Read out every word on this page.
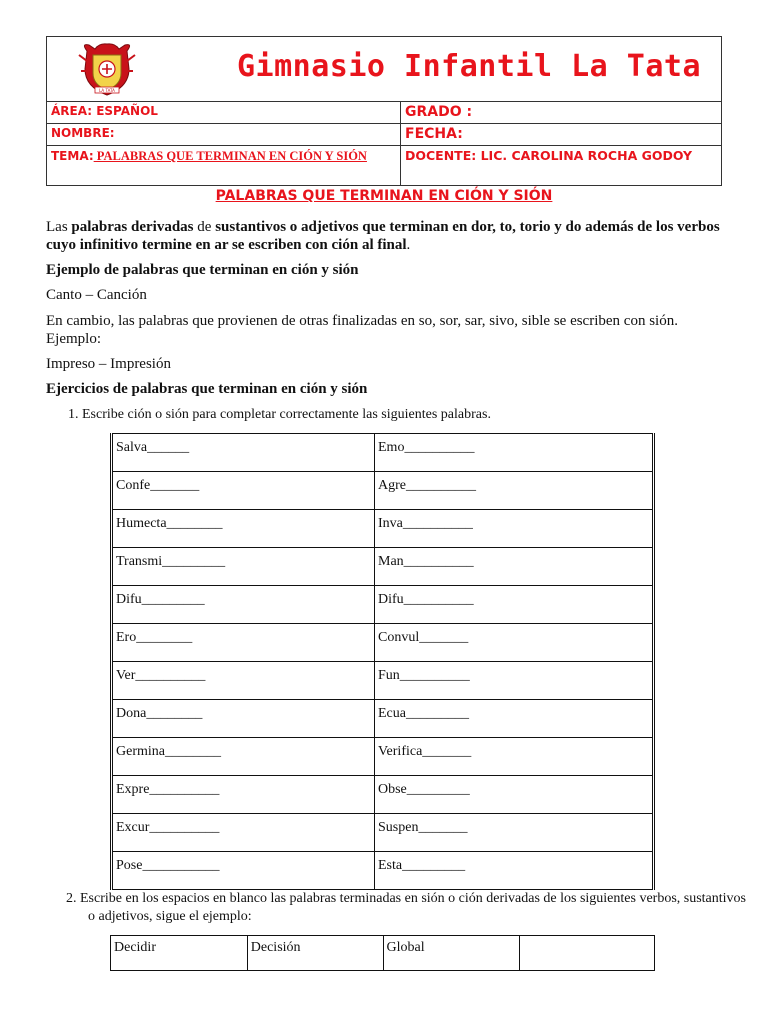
LA TATA
Gimnasio Infantil La Tata
ÁREA: ESPAÑOL	GRADO :
NOMBRE:	FECHA:
TEMA: PALABRAS QUE TERMINAN EN CIÓN Y SIÓN	DOCENTE: LIC. CAROLINA ROCHA GODOY
PALABRAS QUE TERMINAN EN CIÓN Y SIÓN
Las palabras derivadas de sustantivos o adjetivos que terminan en dor, to, torio y do además de los verbos cuyo infinitivo termine en ar se escriben con ción al final.
Ejemplo de palabras que terminan en ción y sión
Canto – Canción
En cambio, las palabras que provienen de otras finalizadas en so, sor, sar, sivo, sible se escriben con sión. Ejemplo:
Impreso – Impresión
Ejercicios de palabras que terminan en ción y sión
1. Escribe ción o sión para completar correctamente las siguientes palabras.
Salva______	Emo__________
Confe_______	Agre__________
Humecta________	Inva__________
Transmi_________	Man__________
Difu_________	Difu__________
Ero________	Convul_______
Ver__________	Fun__________
Dona________	Ecua_________
Germina________	Verifica_______
Expre__________	Obse_________
Excur__________	Suspen_______
Pose___________	Esta_________
2. Escribe en los espacios en blanco las palabras terminadas en sión o ción derivadas de los siguientes verbos, sustantivos o adjetivos, sigue el ejemplo:
Decidir	Decisión	Global	
